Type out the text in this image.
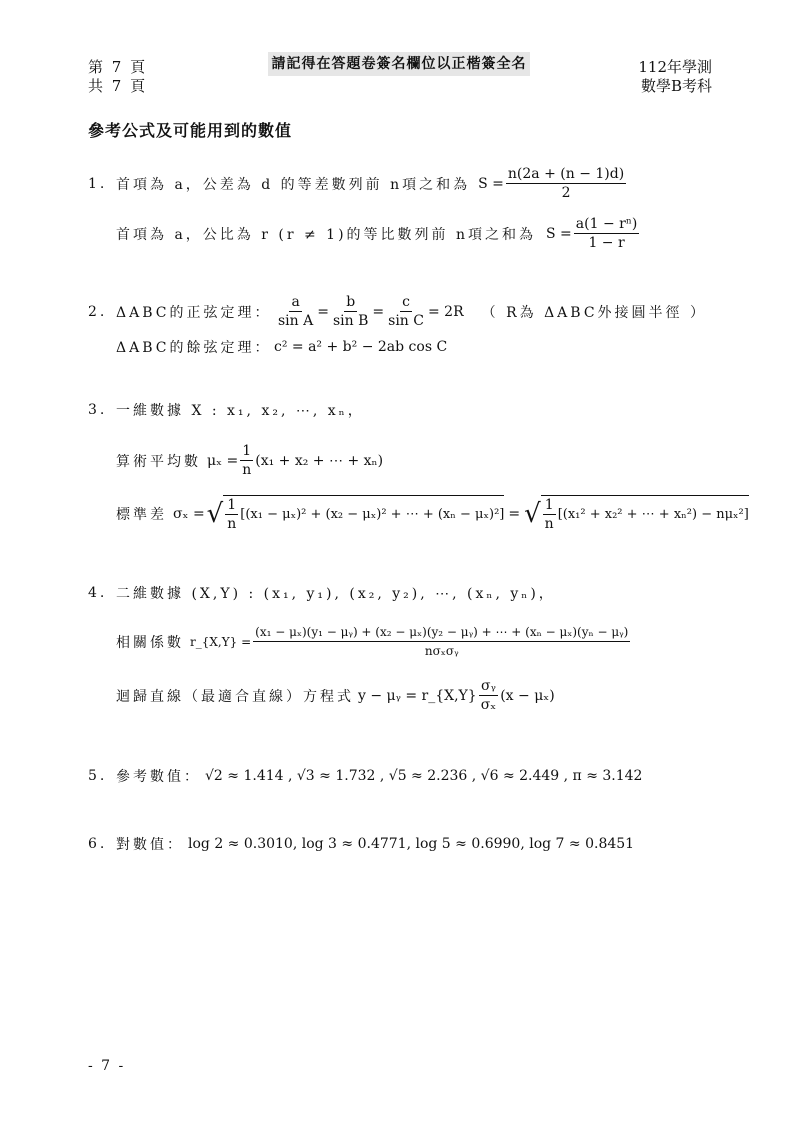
第 7 頁
共 7 頁
請記得在答題卷簽名欄位以正楷簽全名	112年學測
數學B考科
參考公式及可能用到的數值
1. 首項為 a，公差為 d 的等差數列前 n項之和為 $S = \frac{n(2a + (n - 1)d)}{2}$
首項為 a，公比為 r (r ≠ 1)的等比數列前 n項之和為 $S = \frac{\text{a(1 − rⁿ)}}{1 - r}$
2. ΔABC的正弦定理： $\frac{a}{\text{sin A}} = \frac{b}{\text{sin B}} = \frac{c}{\text{sin C}} = 2R$ （ R為 ΔABC外接圓半徑 ）
ΔABC的餘弦定理： c² = a² + b² − 2ab cos C
3. 一維數據 X : x₁, x₂, ⋯, xₙ，
算術平均數 $\mu_x = \frac{1}{n} (x_1 + x_2$ + ⋯ + xₙ)
標準差 σₓ = √ $\frac{1}{n} [(x_1 - \mu_x)^2 + (x_2 - \mu_x)^2$ + ⋯ + (xₙ − μₓ)²] = √ $\frac{1}{n} [(x_1^2 + x_2^2$ + ⋯ + xₙ²) − nμₓ²]
4. 二維數據 (X,Y) : (x₁, y₁), (x₂, y₂), ⋯, (xₙ, yₙ)，
相關係數 r_{X,Y} =
(x₁ − μₓ)(y₁ − μᵧ) + (x₂ − μₓ)(y₂ − μᵧ) + ⋯ + (xₙ − μₓ)(yₙ − μᵧ)
nσₓσᵧ
迴歸直線（最適合直線）方程式 y − μᵧ = r_{X,Y} $\frac{\text{σᵧ}}{\text{σₓ}} (x - \mu_x)$
5. 參考數值： √2 ≈ 1.414 , √3 ≈ 1.732 , √5 ≈ 2.236 , √6 ≈ 2.449 , π ≈ 3.142
6. 對數值： log 2 ≈ 0.3010, log 3 ≈ 0.4771, log 5 ≈ 0.6990, log 7 ≈ 0.8451
- 7 -
